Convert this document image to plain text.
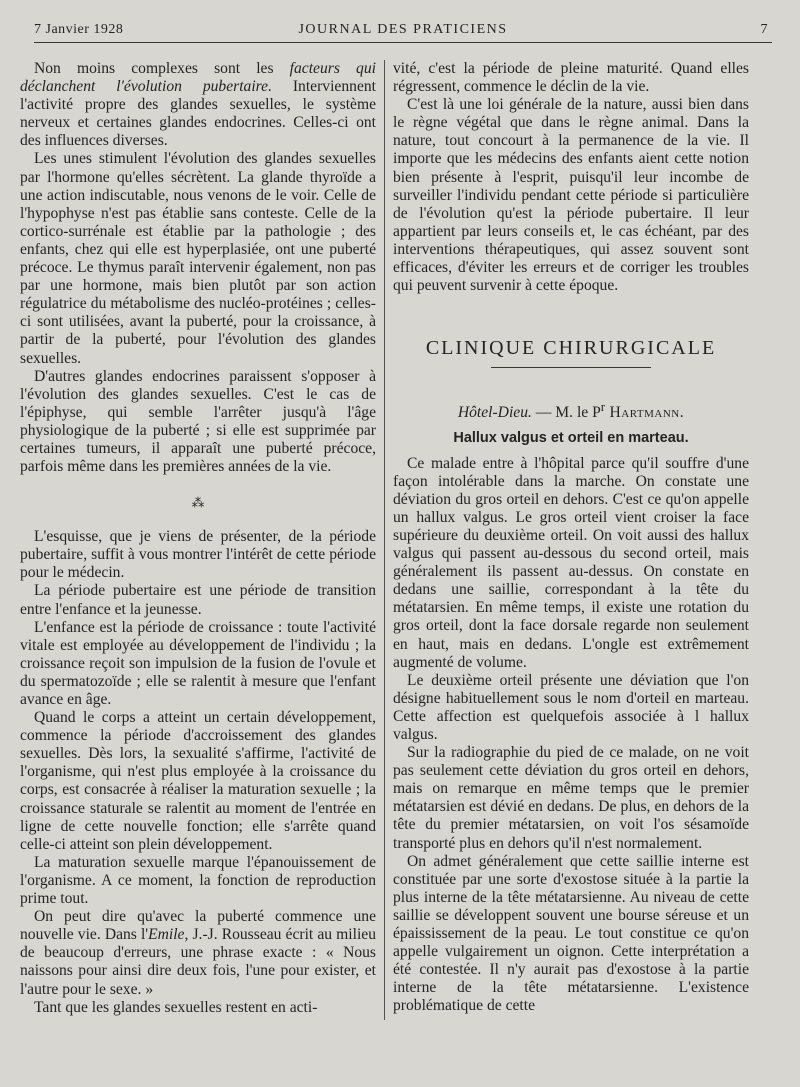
7 Janvier 1928	JOURNAL DES PRATICIENS	7

Non moins complexes sont les facteurs qui déclanchent l'évolution pubertaire. Interviennent l'activité propre des glandes sexuelles, le système nerveux et certaines glandes endocrines. Celles-ci ont des influences diverses.

Les unes stimulent l'évolution des glandes sexuelles par l'hormone qu'elles sécrètent. La glande thyroïde a une action indiscutable, nous venons de le voir. Celle de l'hypophyse n'est pas établie sans conteste. Celle de la cortico-surrénale est établie par la pathologie ; des enfants, chez qui elle est hyperplasiée, ont une puberté précoce. Le thymus paraît intervenir également, non pas par une hormone, mais bien plutôt par son action régulatrice du métabolisme des nucléo-protéines ; celles-ci sont utilisées, avant la puberté, pour la croissance, à partir de la puberté, pour l'évolution des glandes sexuelles.

D'autres glandes endocrines paraissent s'opposer à l'évolution des glandes sexuelles. C'est le cas de l'épiphyse, qui semble l'arrêter jusqu'à l'âge physiologique de la puberté ; si elle est supprimée par certaines tumeurs, il apparaît une puberté précoce, parfois même dans les premières années de la vie.

⁂

L'esquisse, que je viens de présenter, de la période pubertaire, suffit à vous montrer l'intérêt de cette période pour le médecin.

La période pubertaire est une période de transition entre l'enfance et la jeunesse.

L'enfance est la période de croissance : toute l'activité vitale est employée au développement de l'individu ; la croissance reçoit son impulsion de la fusion de l'ovule et du spermatozoïde ; elle se ralentit à mesure que l'enfant avance en âge.

Quand le corps a atteint un certain développement, commence la période d'accroissement des glandes sexuelles. Dès lors, la sexualité s'affirme, l'activité de l'organisme, qui n'est plus employée à la croissance du corps, est consacrée à réaliser la maturation sexuelle ; la croissance staturale se ralentit au moment de l'entrée en ligne de cette nouvelle fonction; elle s'arrête quand celle-ci atteint son plein développement.

La maturation sexuelle marque l'épanouissement de l'organisme. A ce moment, la fonction de reproduction prime tout.

On peut dire qu'avec la puberté commence une nouvelle vie. Dans l'Emile, J.-J. Rousseau écrit au milieu de beaucoup d'erreurs, une phrase exacte : « Nous naissons pour ainsi dire deux fois, l'une pour exister, et l'autre pour le sexe. »

Tant que les glandes sexuelles restent en acti-

vité, c'est la période de pleine maturité. Quand elles régressent, commence le déclin de la vie.

C'est là une loi générale de la nature, aussi bien dans le règne végétal que dans le règne animal. Dans la nature, tout concourt à la permanence de la vie. Il importe que les médecins des enfants aient cette notion bien présente à l'esprit, puisqu'il leur incombe de surveiller l'individu pendant cette période si particulière de l'évolution qu'est la période pubertaire. Il leur appartient par leurs conseils et, le cas échéant, par des interventions thérapeutiques, qui assez souvent sont efficaces, d'éviter les erreurs et de corriger les troubles qui peuvent survenir à cette époque.

CLINIQUE CHIRURGICALE
Hôtel-Dieu. — M. le $P^r$ Hartmann.
Hallux valgus et orteil en marteau.

Ce malade entre à l'hôpital parce qu'il souffre d'une façon intolérable dans la marche. On constate une déviation du gros orteil en dehors. C'est ce qu'on appelle un hallux valgus. Le gros orteil vient croiser la face supérieure du deuxième orteil. On voit aussi des hallux valgus qui passent au-dessous du second orteil, mais généralement ils passent au-dessus. On constate en dedans une saillie, correspondant à la tête du métatarsien. En même temps, il existe une rotation du gros orteil, dont la face dorsale regarde non seulement en haut, mais en dedans. L'ongle est extrêmement augmenté de volume.

Le deuxième orteil présente une déviation que l'on désigne habituellement sous le nom d'orteil en marteau. Cette affection est quelquefois associée à l hallux valgus.

Sur la radiographie du pied de ce malade, on ne voit pas seulement cette déviation du gros orteil en dehors, mais on remarque en même temps que le premier métatarsien est dévié en dedans. De plus, en dehors de la tête du premier métatarsien, on voit l'os sésamoïde transporté plus en dehors qu'il n'est normalement.

On admet généralement que cette saillie interne est constituée par une sorte d'exostose située à la partie la plus interne de la tête métatarsienne. Au niveau de cette saillie se développent souvent une bourse séreuse et un épaississement de la peau. Le tout constitue ce qu'on appelle vulgairement un oignon. Cette interprétation a été contestée. Il n'y aurait pas d'exostose à la partie interne de la tête métatarsienne. L'existence problématique de cette
